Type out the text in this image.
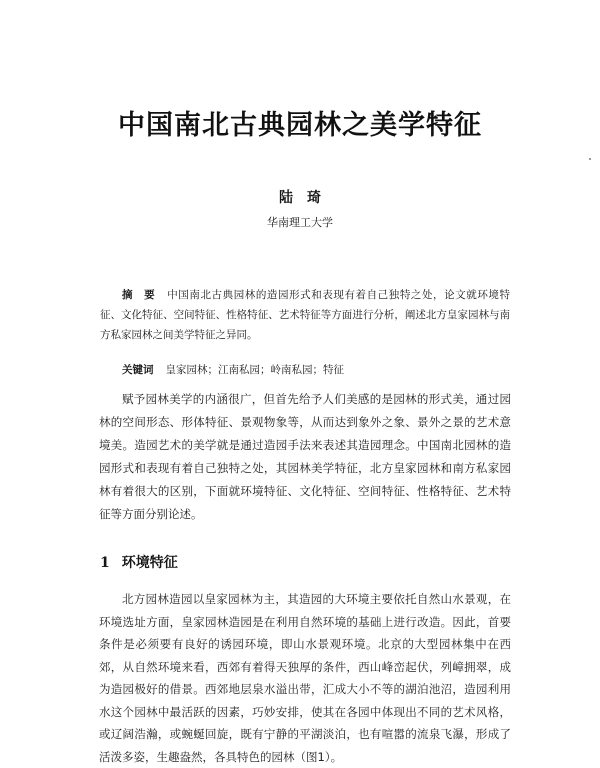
中国南北古典园林之美学特征
陆琦
华南理工大学
摘　要 中国南北古典园林的造园形式和表现有着自己独特之处，论文就环境特征、文化特征、空间特征、性格特征、艺术特征等方面进行分析，阐述北方皇家园林与南方私家园林之间美学特征之异同。
关键词 皇家园林；江南私园；岭南私园；特征
赋予园林美学的内涵很广，但首先给予人们美感的是园林的形式美，通过园林的空间形态、形体特征、景观物象等，从而达到象外之象、景外之景的艺术意境美。造园艺术的美学就是通过造园手法来表述其造园理念。中国南北园林的造园形式和表现有着自己独特之处，其园林美学特征，北方皇家园林和南方私家园林有着很大的区别，下面就环境特征、文化特征、空间特征、性格特征、艺术特征等方面分别论述。
1 环境特征
北方园林造园以皇家园林为主，其造园的大环境主要依托自然山水景观，在环境选址方面，皇家园林造园是在利用自然环境的基础上进行改造。因此，首要条件是必须要有良好的诱园环境，即山水景观环境。北京的大型园林集中在西郊，从自然环境来看，西郊有着得天独厚的条件，西山峰峦起伏，列嶂拥翠，成为造园极好的借景。西郊地层泉水溢出带，汇成大小不等的湖泊池沼，造园利用水这个园林中最活跃的因素，巧妙安排，使其在各园中体现出不同的艺术风格，或辽阔浩瀚，或蜿蜒回旋，既有宁静的平湖淡泊，也有喧嚣的流泉飞瀑，形成了活泼多姿，生趣盎然，各具特色的园林（图1）。
